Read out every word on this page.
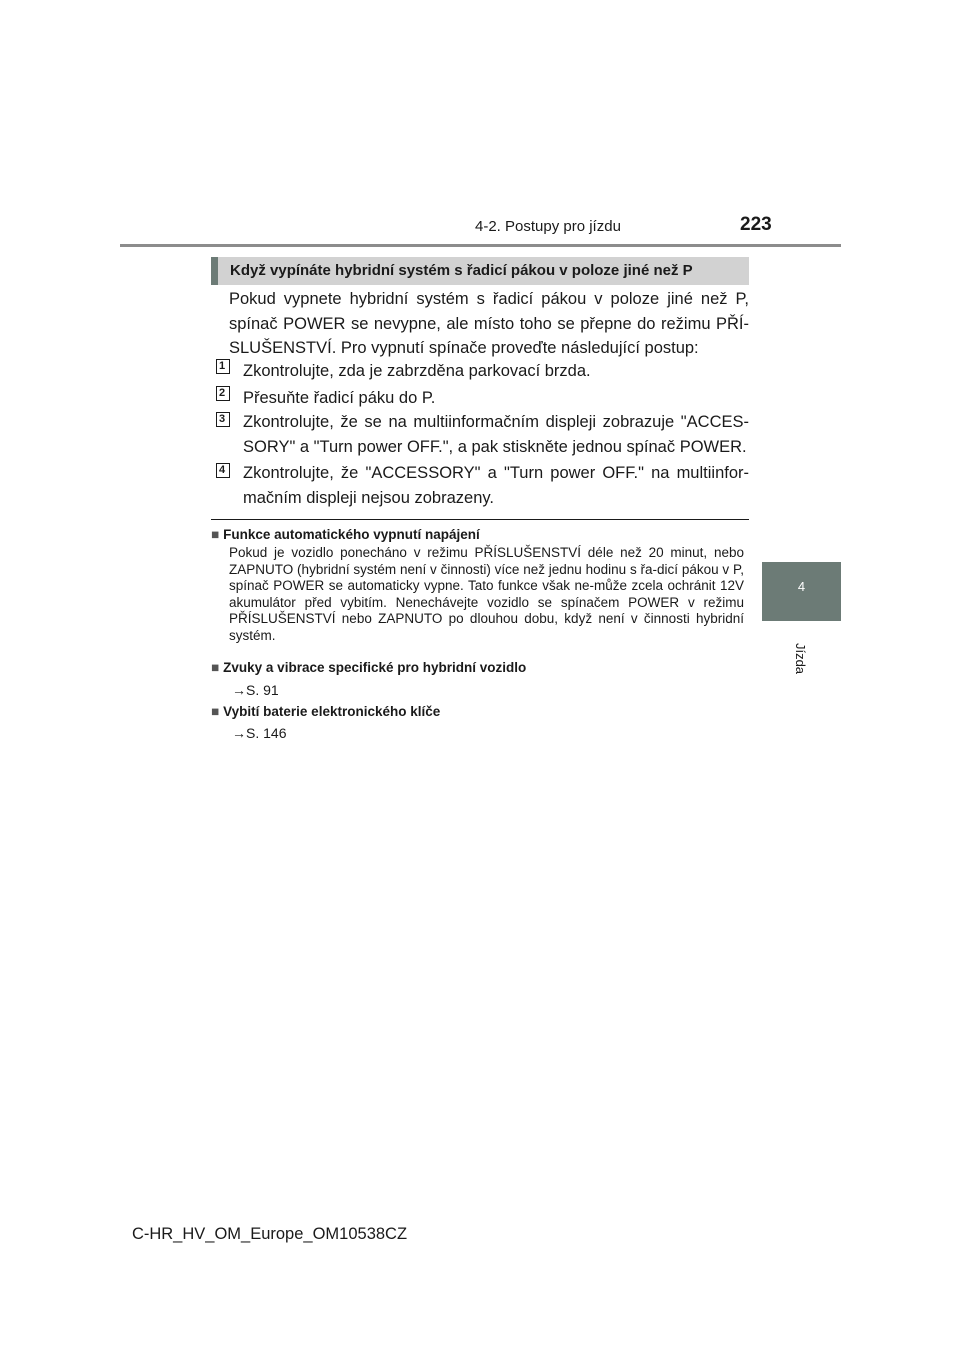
4-2. Postupy pro jízdu	223
4
Jízda
Když vypínáte hybridní systém s řadicí pákou v poloze jiné než P

Pokud vypnete hybridní systém s řadicí pákou v poloze jiné než P, spínač POWER se nevypne, ale místo toho se přepne do režimu PŘÍ-SLUŠENSTVÍ. Pro vypnutí spínače proveďte následující postup:

1 Zkontrolujte, zda je zabrzděna parkovací brzda.

2 Přesuňte řadicí páku do P.

3 Zkontrolujte, že se na multiinformačním displeji zobrazuje "ACCES-SORY" a "Turn power OFF.", a pak stiskněte jednou spínač POWER.

4 Zkontrolujte, že "ACCESSORY" a "Turn power OFF." na multiinfor-mačním displeji nejsou zobrazeny.

■ Funkce automatického vypnutí napájení

Pokud je vozidlo ponecháno v režimu PŘÍSLUŠENSTVÍ déle než 20 minut, nebo ZAPNUTO (hybridní systém není v činnosti) více než jednu hodinu s řa-dicí pákou v P, spínač POWER se automaticky vypne. Tato funkce však ne-může zcela ochránit 12V akumulátor před vybitím. Nenechávejte vozidlo se spínačem POWER v režimu PŘÍSLUŠENSTVÍ nebo ZAPNUTO po dlouhou dobu, když není v činnosti hybridní systém.

■ Zvuky a vibrace specifické pro hybridní vozidlo
→S. 91
■ Vybití baterie elektronického klíče
→S. 146
C-HR_HV_OM_Europe_OM10538CZ
